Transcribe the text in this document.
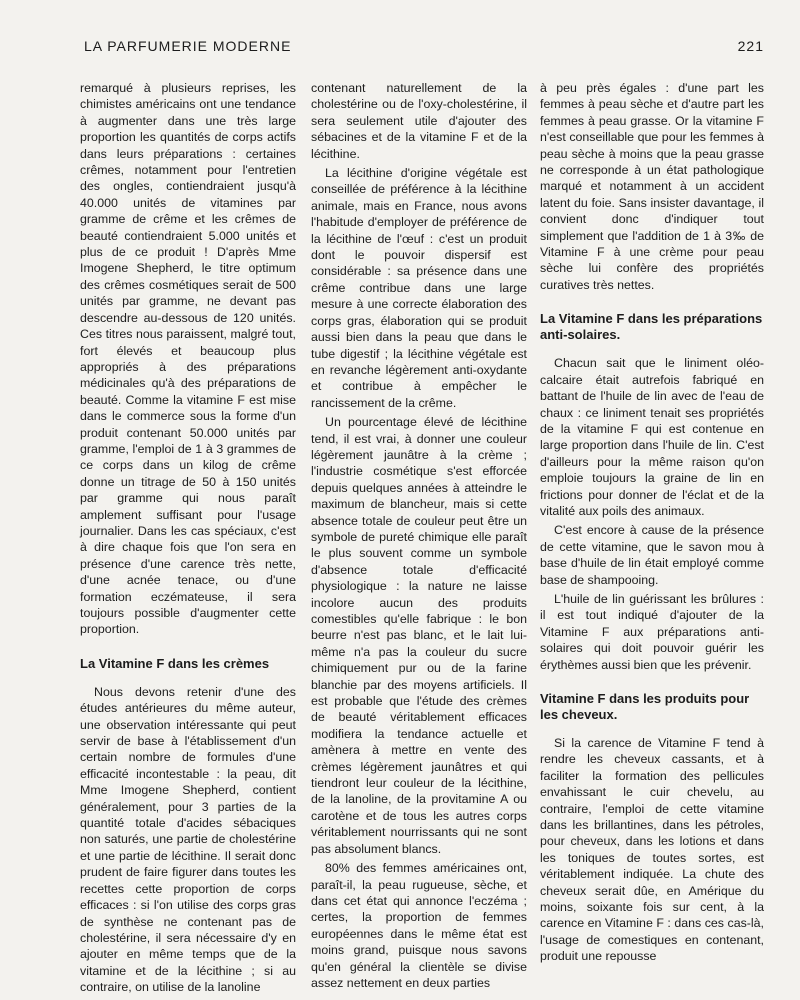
LA PARFUMERIE MODERNE	221

remarqué à plusieurs reprises, les chimistes américains ont une tendance à augmenter dans une très large proportion les quantités de corps actifs dans leurs préparations : certaines crêmes, notamment pour l'entretien des ongles, contiendraient jusqu'à 40.000 unités de vitamines par gramme de crême et les crêmes de beauté contiendraient 5.000 unités et plus de ce produit ! D'après Mme Imogene Shepherd, le titre optimum des crêmes cosmétiques serait de 500 unités par gramme, ne devant pas descendre au-dessous de 120 unités. Ces titres nous paraissent, malgré tout, fort élevés et beaucoup plus appropriés à des préparations médicinales qu'à des préparations de beauté. Comme la vitamine F est mise dans le commerce sous la forme d'un produit contenant 50.000 unités par gramme, l'emploi de 1 à 3 grammes de ce corps dans un kilog de crême donne un titrage de 50 à 150 unités par gramme qui nous paraît amplement suffisant pour l'usage journalier. Dans les cas spéciaux, c'est à dire chaque fois que l'on sera en présence d'une carence très nette, d'une acnée tenace, ou d'une formation eczémateuse, il sera toujours possible d'augmenter cette proportion.

La Vitamine F dans les crèmes

Nous devons retenir d'une des études antérieures du même auteur, une observation intéressante qui peut servir de base à l'établissement d'un certain nombre de formules d'une efficacité incontestable : la peau, dit Mme Imogene Shepherd, contient généralement, pour 3 parties de la quantité totale d'acides sébaciques non saturés, une partie de cholestérine et une partie de lécithine. Il serait donc prudent de faire figurer dans toutes les recettes cette proportion de corps efficaces : si l'on utilise des corps gras de synthèse ne contenant pas de cholestérine, il sera nécessaire d'y en ajouter en même temps que de la vitamine et de la lécithine ; si au contraire, on utilise de la lanoline

contenant naturellement de la cholestérine ou de l'oxy-cholestérine, il sera seulement utile d'ajouter des sébacines et de la vitamine F et de la lécithine.

La lécithine d'origine végétale est conseillée de préférence à la lécithine animale, mais en France, nous avons l'habitude d'employer de préférence de la lécithine de l'œuf : c'est un produit dont le pouvoir dispersif est considérable : sa présence dans une crême contribue dans une large mesure à une correcte élaboration des corps gras, élaboration qui se produit aussi bien dans la peau que dans le tube digestif ; la lécithine végétale est en revanche légèrement anti-oxydante et contribue à empêcher le rancissement de la crême.

Un pourcentage élevé de lécithine tend, il est vrai, à donner une couleur légèrement jaunâtre à la crème ; l'industrie cosmétique s'est efforcée depuis quelques années à atteindre le maximum de blancheur, mais si cette absence totale de couleur peut être un symbole de pureté chimique elle paraît le plus souvent comme un symbole d'absence totale d'efficacité physiologique : la nature ne laisse incolore aucun des produits comestibles qu'elle fabrique : le bon beurre n'est pas blanc, et le lait lui-même n'a pas la couleur du sucre chimiquement pur ou de la farine blanchie par des moyens artificiels. Il est probable que l'étude des crèmes de beauté véritablement efficaces modifiera la tendance actuelle et amènera à mettre en vente des crèmes légèrement jaunâtres et qui tiendront leur couleur de la lécithine, de la lanoline, de la provitamine A ou carotène et de tous les autres corps véritablement nourrissants qui ne sont pas absolument blancs.

80% des femmes américaines ont, paraît-il, la peau rugueuse, sèche, et dans cet état qui annonce l'eczéma ; certes, la proportion de femmes européennes dans le même état est moins grand, puisque nous savons qu'en général la clientèle se divise assez nettement en deux parties

à peu près égales : d'une part les femmes à peau sèche et d'autre part les femmes à peau grasse. Or la vitamine F n'est conseillable que pour les femmes à peau sèche à moins que la peau grasse ne corresponde à un état pathologique marqué et notamment à un accident latent du foie. Sans insister davantage, il convient donc d'indiquer tout simplement que l'addition de 1 à 3‰ de Vitamine F à une crème pour peau sèche lui confère des propriétés curatives très nettes.

La Vitamine F dans les préparations anti-solaires.

Chacun sait que le liniment oléo-calcaire était autrefois fabriqué en battant de l'huile de lin avec de l'eau de chaux : ce liniment tenait ses propriétés de la vitamine F qui est contenue en large proportion dans l'huile de lin. C'est d'ailleurs pour la même raison qu'on emploie toujours la graine de lin en frictions pour donner de l'éclat et de la vitalité aux poils des animaux.

C'est encore à cause de la présence de cette vitamine, que le savon mou à base d'huile de lin était employé comme base de shampooing.

L'huile de lin guérissant les brûlures : il est tout indiqué d'ajouter de la Vitamine F aux préparations anti-solaires qui doit pouvoir guérir les érythèmes aussi bien que les prévenir.

Vitamine F dans les produits pour les cheveux.

Si la carence de Vitamine F tend à rendre les cheveux cassants, et à faciliter la formation des pellicules envahissant le cuir chevelu, au contraire, l'emploi de cette vitamine dans les brillantines, dans les pétroles, pour cheveux, dans les lotions et dans les toniques de toutes sortes, est véritablement indiquée. La chute des cheveux serait dûe, en Amérique du moins, soixante fois sur cent, à la carence en Vitamine F : dans ces cas-là, l'usage de comestiques en contenant, produit une repousse
